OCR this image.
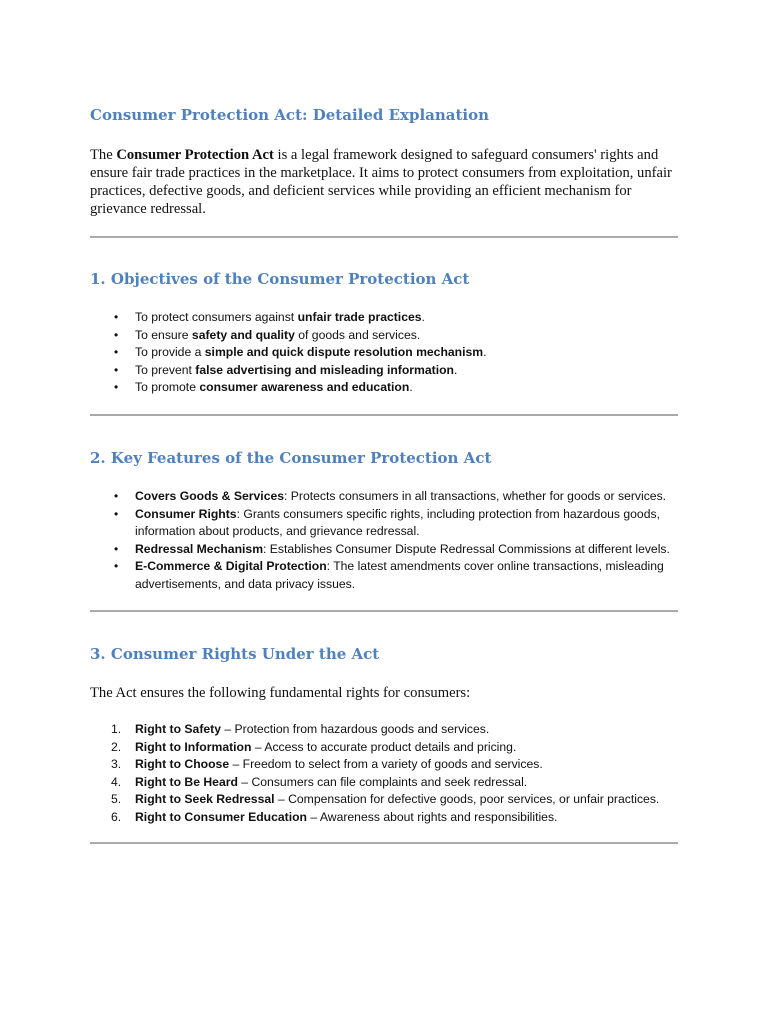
Consumer Protection Act: Detailed Explanation

The Consumer Protection Act is a legal framework designed to safeguard consumers' rights and ensure fair trade practices in the marketplace. It aims to protect consumers from exploitation, unfair practices, defective goods, and deficient services while providing an efficient mechanism for grievance redressal.

1. Objectives of the Consumer Protection Act
• To protect consumers against unfair trade practices.
• To ensure safety and quality of goods and services.
• To provide a simple and quick dispute resolution mechanism.
• To prevent false advertising and misleading information.
• To promote consumer awareness and education.
2. Key Features of the Consumer Protection Act
• Covers Goods & Services: Protects consumers in all transactions, whether for goods or services.
• Consumer Rights: Grants consumers specific rights, including protection from hazardous goods, information about products, and grievance redressal.
• Redressal Mechanism: Establishes Consumer Dispute Redressal Commissions at different levels.
• E-Commerce & Digital Protection: The latest amendments cover online transactions, misleading advertisements, and data privacy issues.
3. Consumer Rights Under the Act

The Act ensures the following fundamental rights for consumers:

1. Right to Safety – Protection from hazardous goods and services.
2. Right to Information – Access to accurate product details and pricing.
3. Right to Choose – Freedom to select from a variety of goods and services.
4. Right to Be Heard – Consumers can file complaints and seek redressal.
5. Right to Seek Redressal – Compensation for defective goods, poor services, or unfair practices.
6. Right to Consumer Education – Awareness about rights and responsibilities.
